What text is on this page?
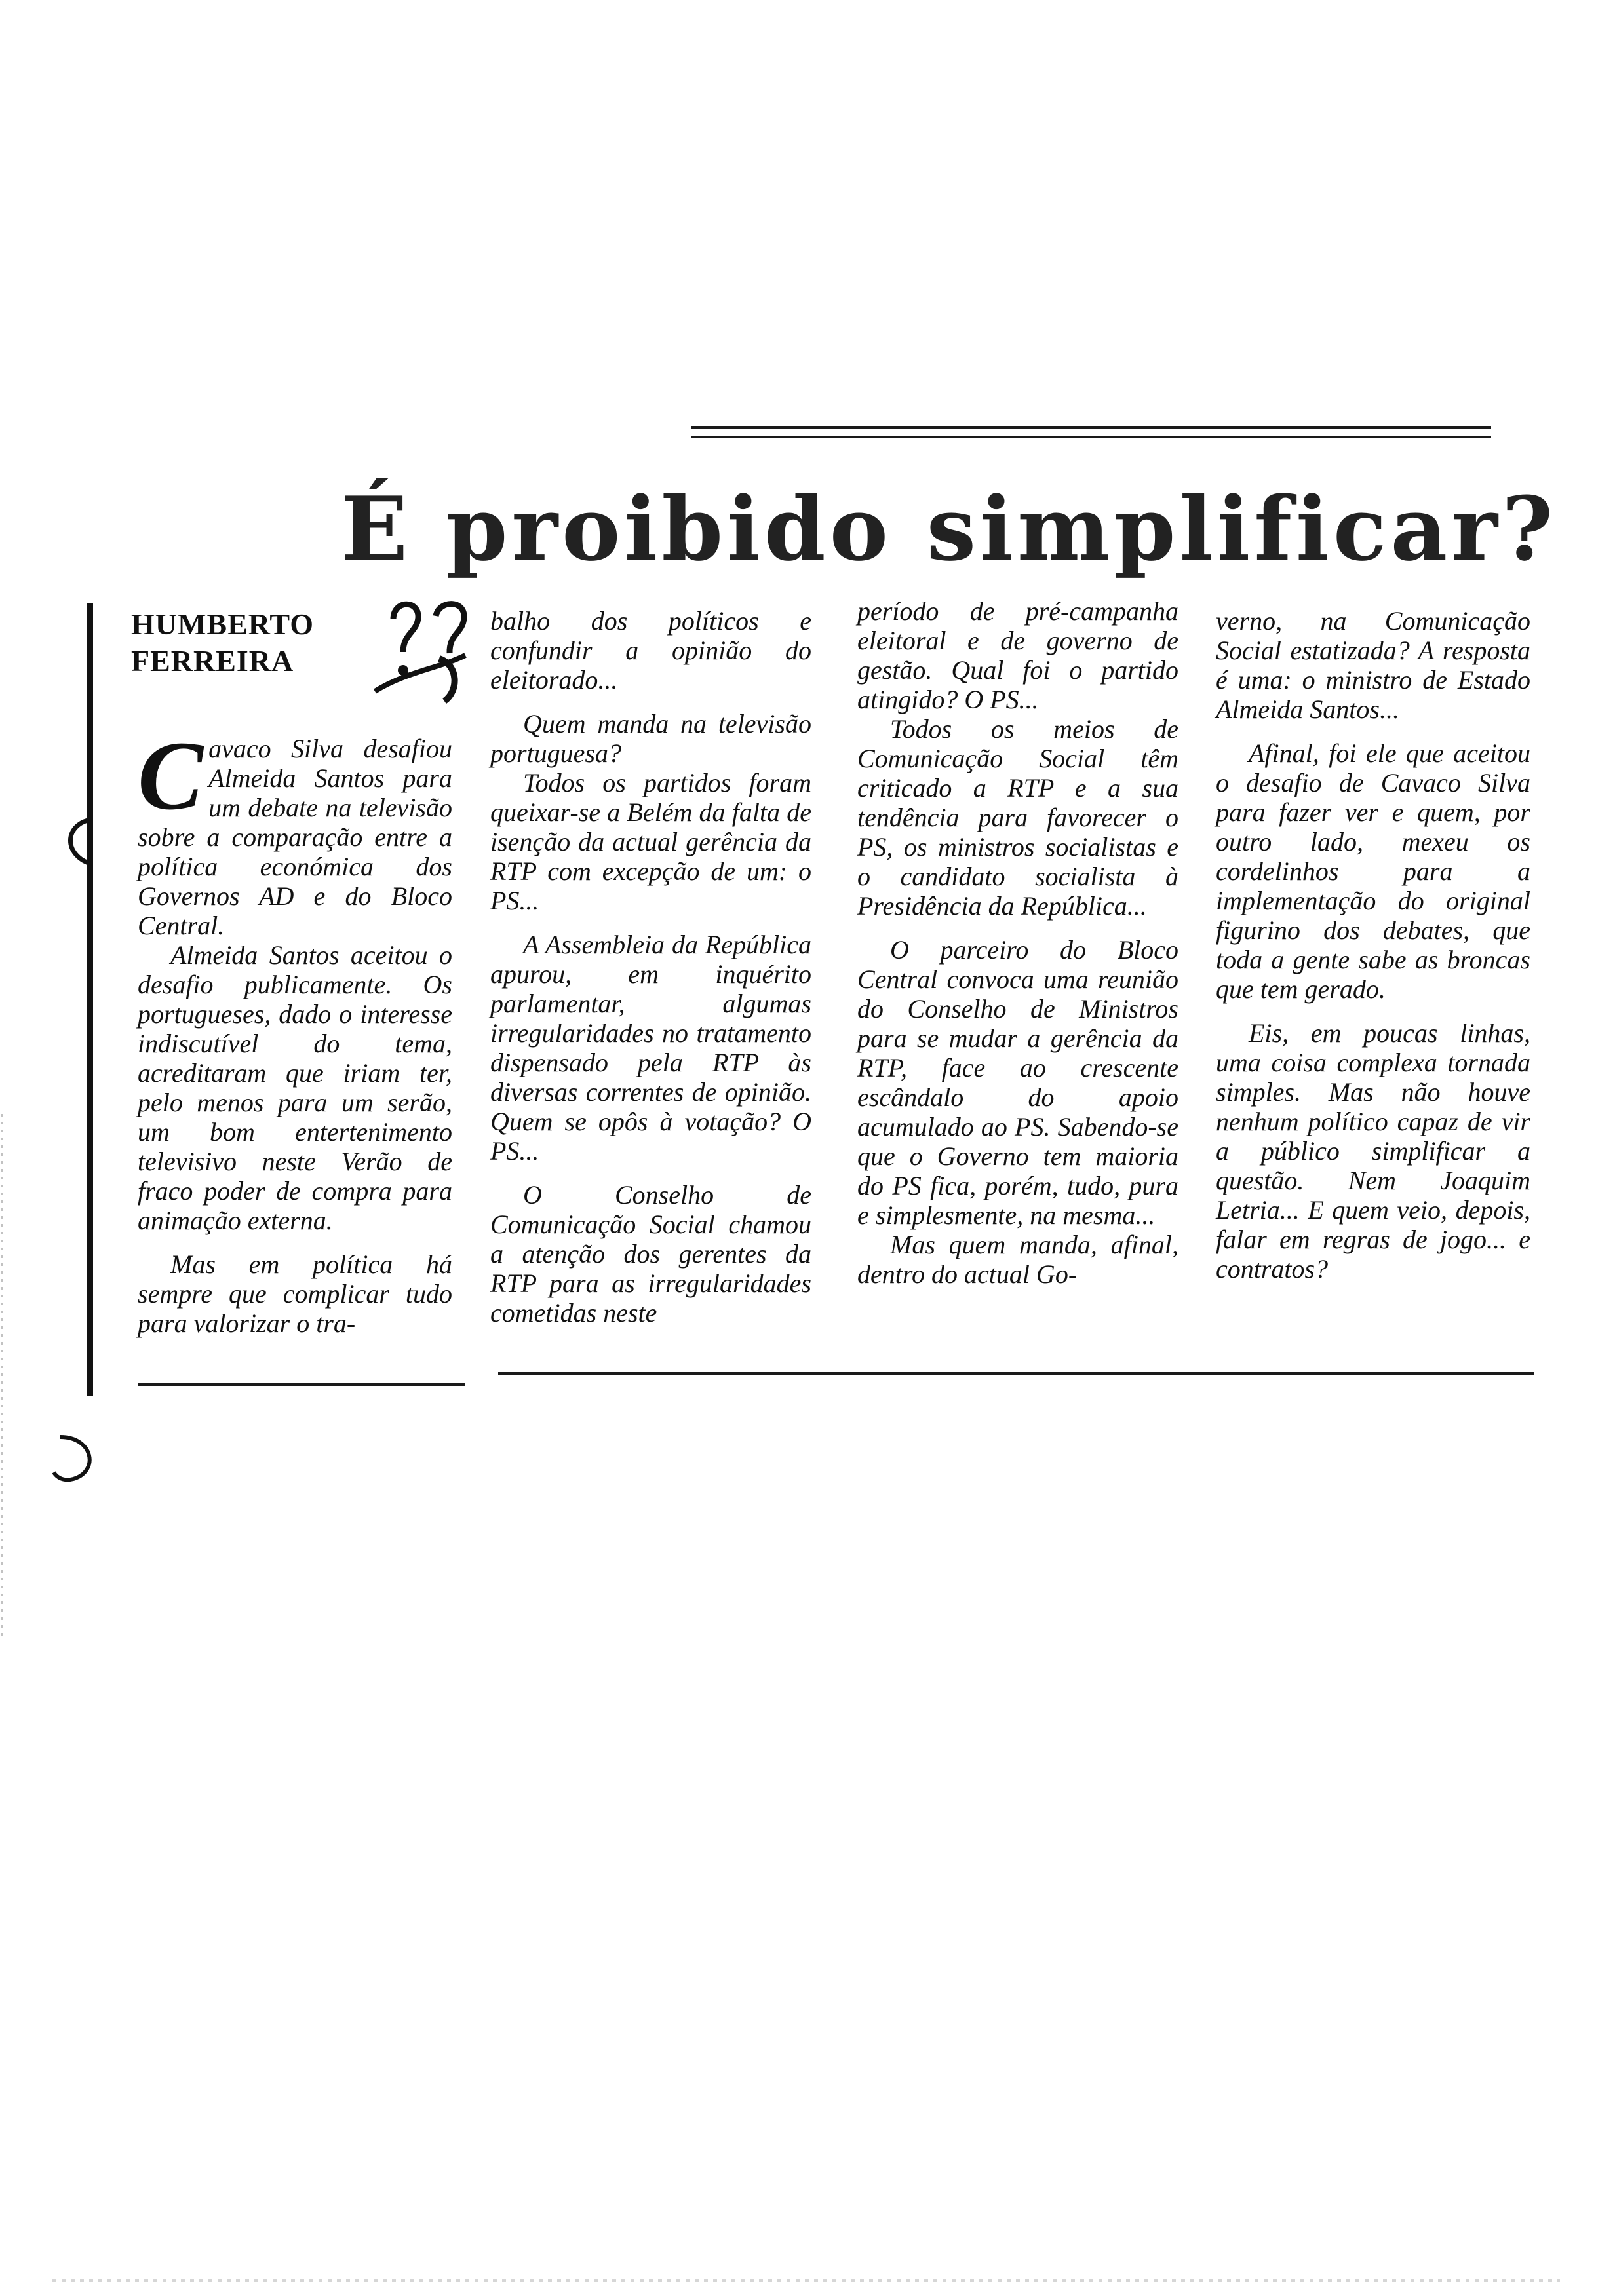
É proibido simplificar?
HUMBERTO
FERREIRA

Cavaco Silva desafiou Almeida Santos para um debate na televisão sobre a comparação entre a política económica dos Governos AD e do Bloco Central.

Almeida Santos aceitou o desafio publicamente. Os portugueses, dado o interesse indiscutível do tema, acreditaram que iriam ter, pelo menos para um serão, um bom entertenimento televisivo neste Verão de fraco poder de compra para animação externa.

Mas em política há sempre que complicar tudo para valorizar o tra-

balho dos políticos e confundir a opinião do eleitorado...

Quem manda na televisão portuguesa?

Todos os partidos foram queixar-se a Belém da falta de isenção da actual gerência da RTP com excepção de um: o PS...

A Assembleia da República apurou, em inquérito parlamentar, algumas irregularidades no tratamento dispensado pela RTP às diversas correntes de opinião. Quem se opôs à votação? O PS...

O Conselho de Comunicação Social chamou a atenção dos gerentes da RTP para as irregularidades cometidas neste

período de pré-campanha eleitoral e de governo de gestão. Qual foi o partido atingido? O PS...

Todos os meios de Comunicação Social têm criticado a RTP e a sua tendência para favorecer o PS, os ministros socialistas e o candidato socialista à Presidência da República...

O parceiro do Bloco Central convoca uma reunião do Conselho de Ministros para se mudar a gerência da RTP, face ao crescente escândalo do apoio acumulado ao PS. Sabendo-se que o Governo tem maioria do PS fica, porém, tudo, pura e simplesmente, na mesma...

Mas quem manda, afinal, dentro do actual Go-

verno, na Comunicação Social estatizada? A resposta é uma: o ministro de Estado Almeida Santos...

Afinal, foi ele que aceitou o desafio de Cavaco Silva para fazer ver e quem, por outro lado, mexeu os cordelinhos para a implementação do original figurino dos debates, que toda a gente sabe as broncas que tem gerado.

Eis, em poucas linhas, uma coisa complexa tornada simples. Mas não houve nenhum político capaz de vir a público simplificar a questão. Nem Joaquim Letria... E quem veio, depois, falar em regras de jogo... e contratos?
